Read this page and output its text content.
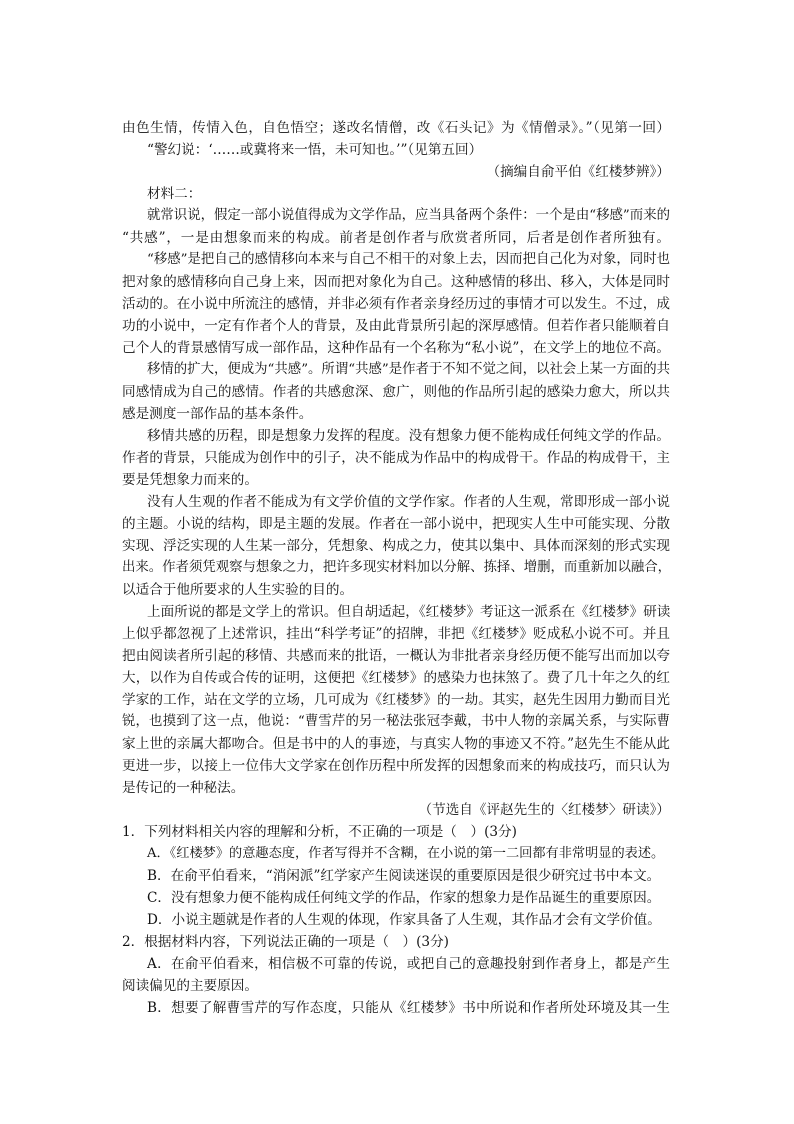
由色生情，传情入色，自色悟空；遂改名情僧，改《石头记》为《情僧录》。”（见第一回）

“警幻说：‘……或冀将来一悟，未可知也。’”（见第五回）

（摘编自俞平伯《红楼梦辨》）

材料二：

就常识说，假定一部小说值得成为文学作品，应当具备两个条件：一个是由“移感”而来的

“共感”，一是由想象而来的构成。前者是创作者与欣赏者所同，后者是创作者所独有。

“移感”是把自己的感情移向本来与自己不相干的对象上去，因而把自己化为对象，同时也

把对象的感情移向自己身上来，因而把对象化为自己。这种感情的移出、移入，大体是同时

活动的。在小说中所流注的感情，并非必须有作者亲身经历过的事情才可以发生。不过，成

功的小说中，一定有作者个人的背景，及由此背景所引起的深厚感情。但若作者只能顺着自

己个人的背景感情写成一部作品，这种作品有一个名称为“私小说”，在文学上的地位不高。

移情的扩大，便成为“共感”。所谓“共感”是作者于不知不觉之间，以社会上某一方面的共

同感情成为自己的感情。作者的共感愈深、愈广，则他的作品所引起的感染力愈大，所以共

感是测度一部作品的基本条件。

移情共感的历程，即是想象力发挥的程度。没有想象力便不能构成任何纯文学的作品。

作者的背景，只能成为创作中的引子，决不能成为作品中的构成骨干。作品的构成骨干，主

要是凭想象力而来的。

没有人生观的作者不能成为有文学价值的文学作家。作者的人生观，常即形成一部小说

的主题。小说的结构，即是主题的发展。作者在一部小说中，把现实人生中可能实现、分散

实现、浮泛实现的人生某一部分，凭想象、构成之力，使其以集中、具体而深刻的形式实现

出来。作者须凭观察与想象之力，把许多现实材料加以分解、拣择、增删，而重新加以融合，

以适合于他所要求的人生实验的目的。

上面所说的都是文学上的常识。但自胡适起，《红楼梦》考证这一派系在《红楼梦》研读

上似乎都忽视了上述常识，挂出“科学考证”的招牌，非把《红楼梦》贬成私小说不可。并且

把由阅读者所引起的移情、共感而来的批语，一概认为非批者亲身经历便不能写出而加以夸

大，以作为自传或合传的证明，这便把《红楼梦》的感染力也抹煞了。费了几十年之久的红

学家的工作，站在文学的立场，几可成为《红楼梦》的一劫。其实，赵先生因用力勤而目光

锐，也摸到了这一点，他说：“曹雪芹的另一秘法张冠李戴，书中人物的亲属关系，与实际曹

家上世的亲属大都吻合。但是书中的人的事迹，与真实人物的事迹又不符。”赵先生不能从此

更进一步，以接上一位伟大文学家在创作历程中所发挥的因想象而来的构成技巧，而只认为

是传记的一种秘法。

（节选自《评赵先生的〈红楼梦〉研读》）

1．下列材料相关内容的理解和分析，不正确的一项是（　）(3分)

A．《红楼梦》的意趣态度，作者写得并不含糊，在小说的第一二回都有非常明显的表述。

B．在俞平伯看来，“消闲派”红学家产生阅读迷误的重要原因是很少研究过书中本文。

C．没有想象力便不能构成任何纯文学的作品，作家的想象力是作品诞生的重要原因。

D．小说主题就是作者的人生观的体现，作家具备了人生观，其作品才会有文学价值。

2．根据材料内容，下列说法正确的一项是（　）(3分)

A．在俞平伯看来，相信极不可靠的传说，或把自己的意趣投射到作者身上，都是产生

阅读偏见的主要原因。

B．想要了解曹雪芹的写作态度，只能从《红楼梦》书中所说和作者所处环境及其一生
